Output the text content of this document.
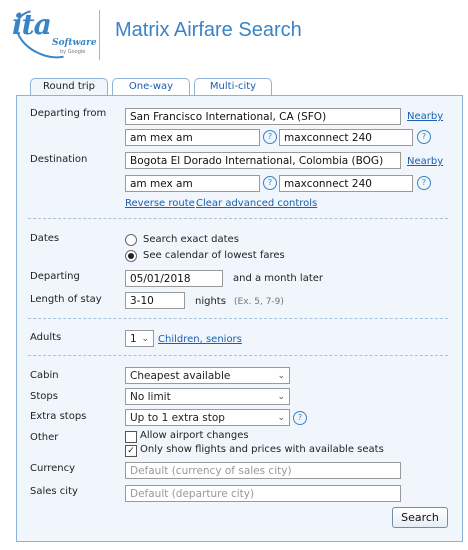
ita
Software
by Google
Matrix Airfare Search
Round trip	One-way	Multi-city
Departing from	San Francisco International, CA (SFO)	Nearby
am mex am	?	maxconnect 240	?
Destination	Bogota El Dorado International, Colombia (BOG)	Nearby
am mex am	?	maxconnect 240	?
Reverse route Clear advanced controls
Dates	Search exact dates
See calendar of lowest fares
Departing	05/01/2018	and a month later
Length of stay	3-10	nights (Ex. 5, 7-9)
Adults	1 ⌄ Children, seniors
Cabin	Cheapest available	⌄
Stops	No limit	⌄
Extra stops	Up to 1 extra stop	⌄	?
Other	Allow airport changes
✓ Only show flights and prices with available seats
Currency	Default (currency of sales city)
Sales city	Default (departure city)
Search
